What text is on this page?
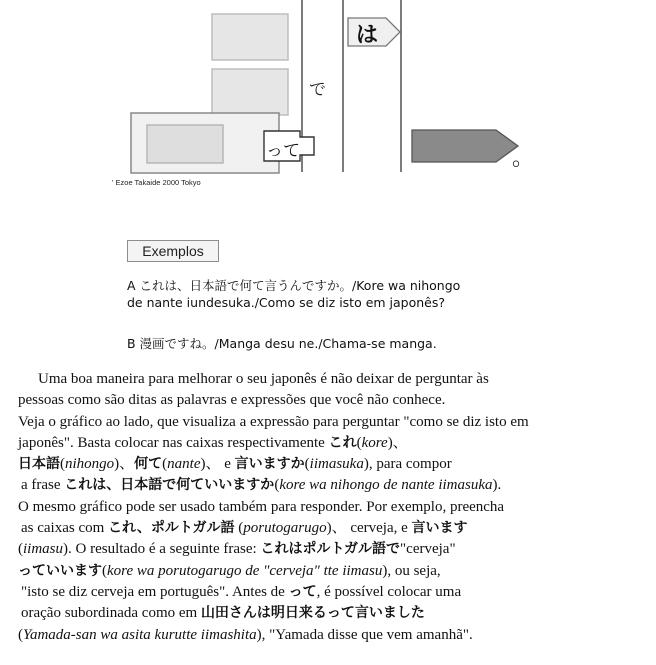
は
で
って	。
' Ezoe Takaide 2000 Tokyo
Exemplos
A これは、日本語で何て言うんですか。/Kore wa nihongo
de nante iundesuka./Como se diz isto em japonês?
B 漫画ですね。/Manga desu ne./Chama-se manga.

Uma boa maneira para melhorar o seu japonês é não deixar de perguntar às

pessoas como são ditas as palavras e expressões que você não conhece.

Veja o gráfico ao lado, que visualiza a expressão para perguntar "como se diz isto em

japonês". Basta colocar nas caixas respectivamente これ(kore)、

日本語(nihongo)、何て(nante)、 e 言いますか(iimasuka), para compor

a frase これは、日本語で何ていいますか(kore wa nihongo de nante iimasuka).

O mesmo gráfico pode ser usado também para responder. Por exemplo, preencha

as caixas com これ、ポルトガル語 (porutogarugo)、 cerveja, e 言います

(iimasu). O resultado é a seguinte frase: これはポルトガル語で"cerveja"

っていいます(kore wa porutogarugo de "cerveja" tte iimasu), ou seja,

"isto se diz cerveja em português". Antes de って, é possível colocar uma

oração subordinada como em 山田さんは明日来るって言いました

(Yamada-san wa asita kurutte iimashita), "Yamada disse que vem amanhã".
